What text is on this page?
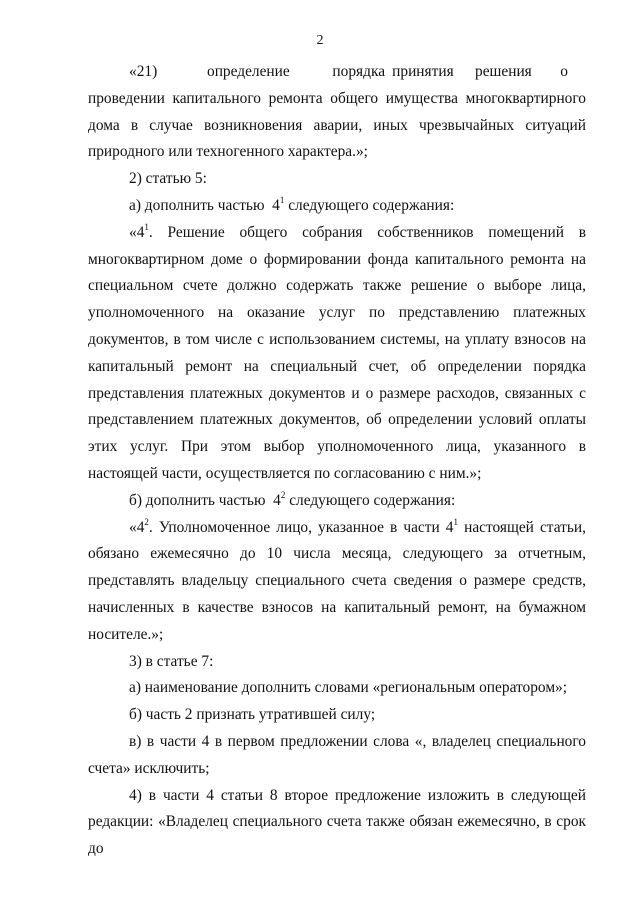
2

«21)       определение      порядка принятия   решения    о    проведении капитального ремонта общего имущества многоквартирного дома в случае возникновения аварии, иных чрезвычайных ситуаций природного или техногенного характера.»;

2) статью 5:

а) дополнить частью  $4^1$ следующего содержания:

«$4^1$. Решение общего собрания собственников помещений в многоквартирном доме о формировании фонда капитального ремонта на специальном счете должно содержать также решение о выборе лица, уполномоченного на оказание услуг по представлению платежных документов, в том числе с использованием системы, на уплату взносов на капитальный ремонт на специальный счет, об определении порядка представления платежных документов и о размере расходов, связанных с представлением платежных документов, об определении условий оплаты этих услуг. При этом выбор уполномоченного лица, указанного в настоящей части, осуществляется по согласованию с ним.»;

б) дополнить частью  $4^2$ следующего содержания:

«$4^2$. Уполномоченное лицо, указанное в части $4^1$ настоящей статьи, обязано ежемесячно до 10 числа месяца, следующего за отчетным, представлять владельцу специального счета сведения о размере средств, начисленных в качестве взносов на капитальный ремонт, на бумажном носителе.»;

3) в статье 7:

а) наименование дополнить словами «региональным оператором»;

б) часть 2 признать утратившей силу;

в) в части 4 в первом предложении слова «, владелец специального счета» исключить;

4) в части 4 статьи 8 второе предложение изложить в следующей редакции: «Владелец специального счета также обязан ежемесячно, в срок до
